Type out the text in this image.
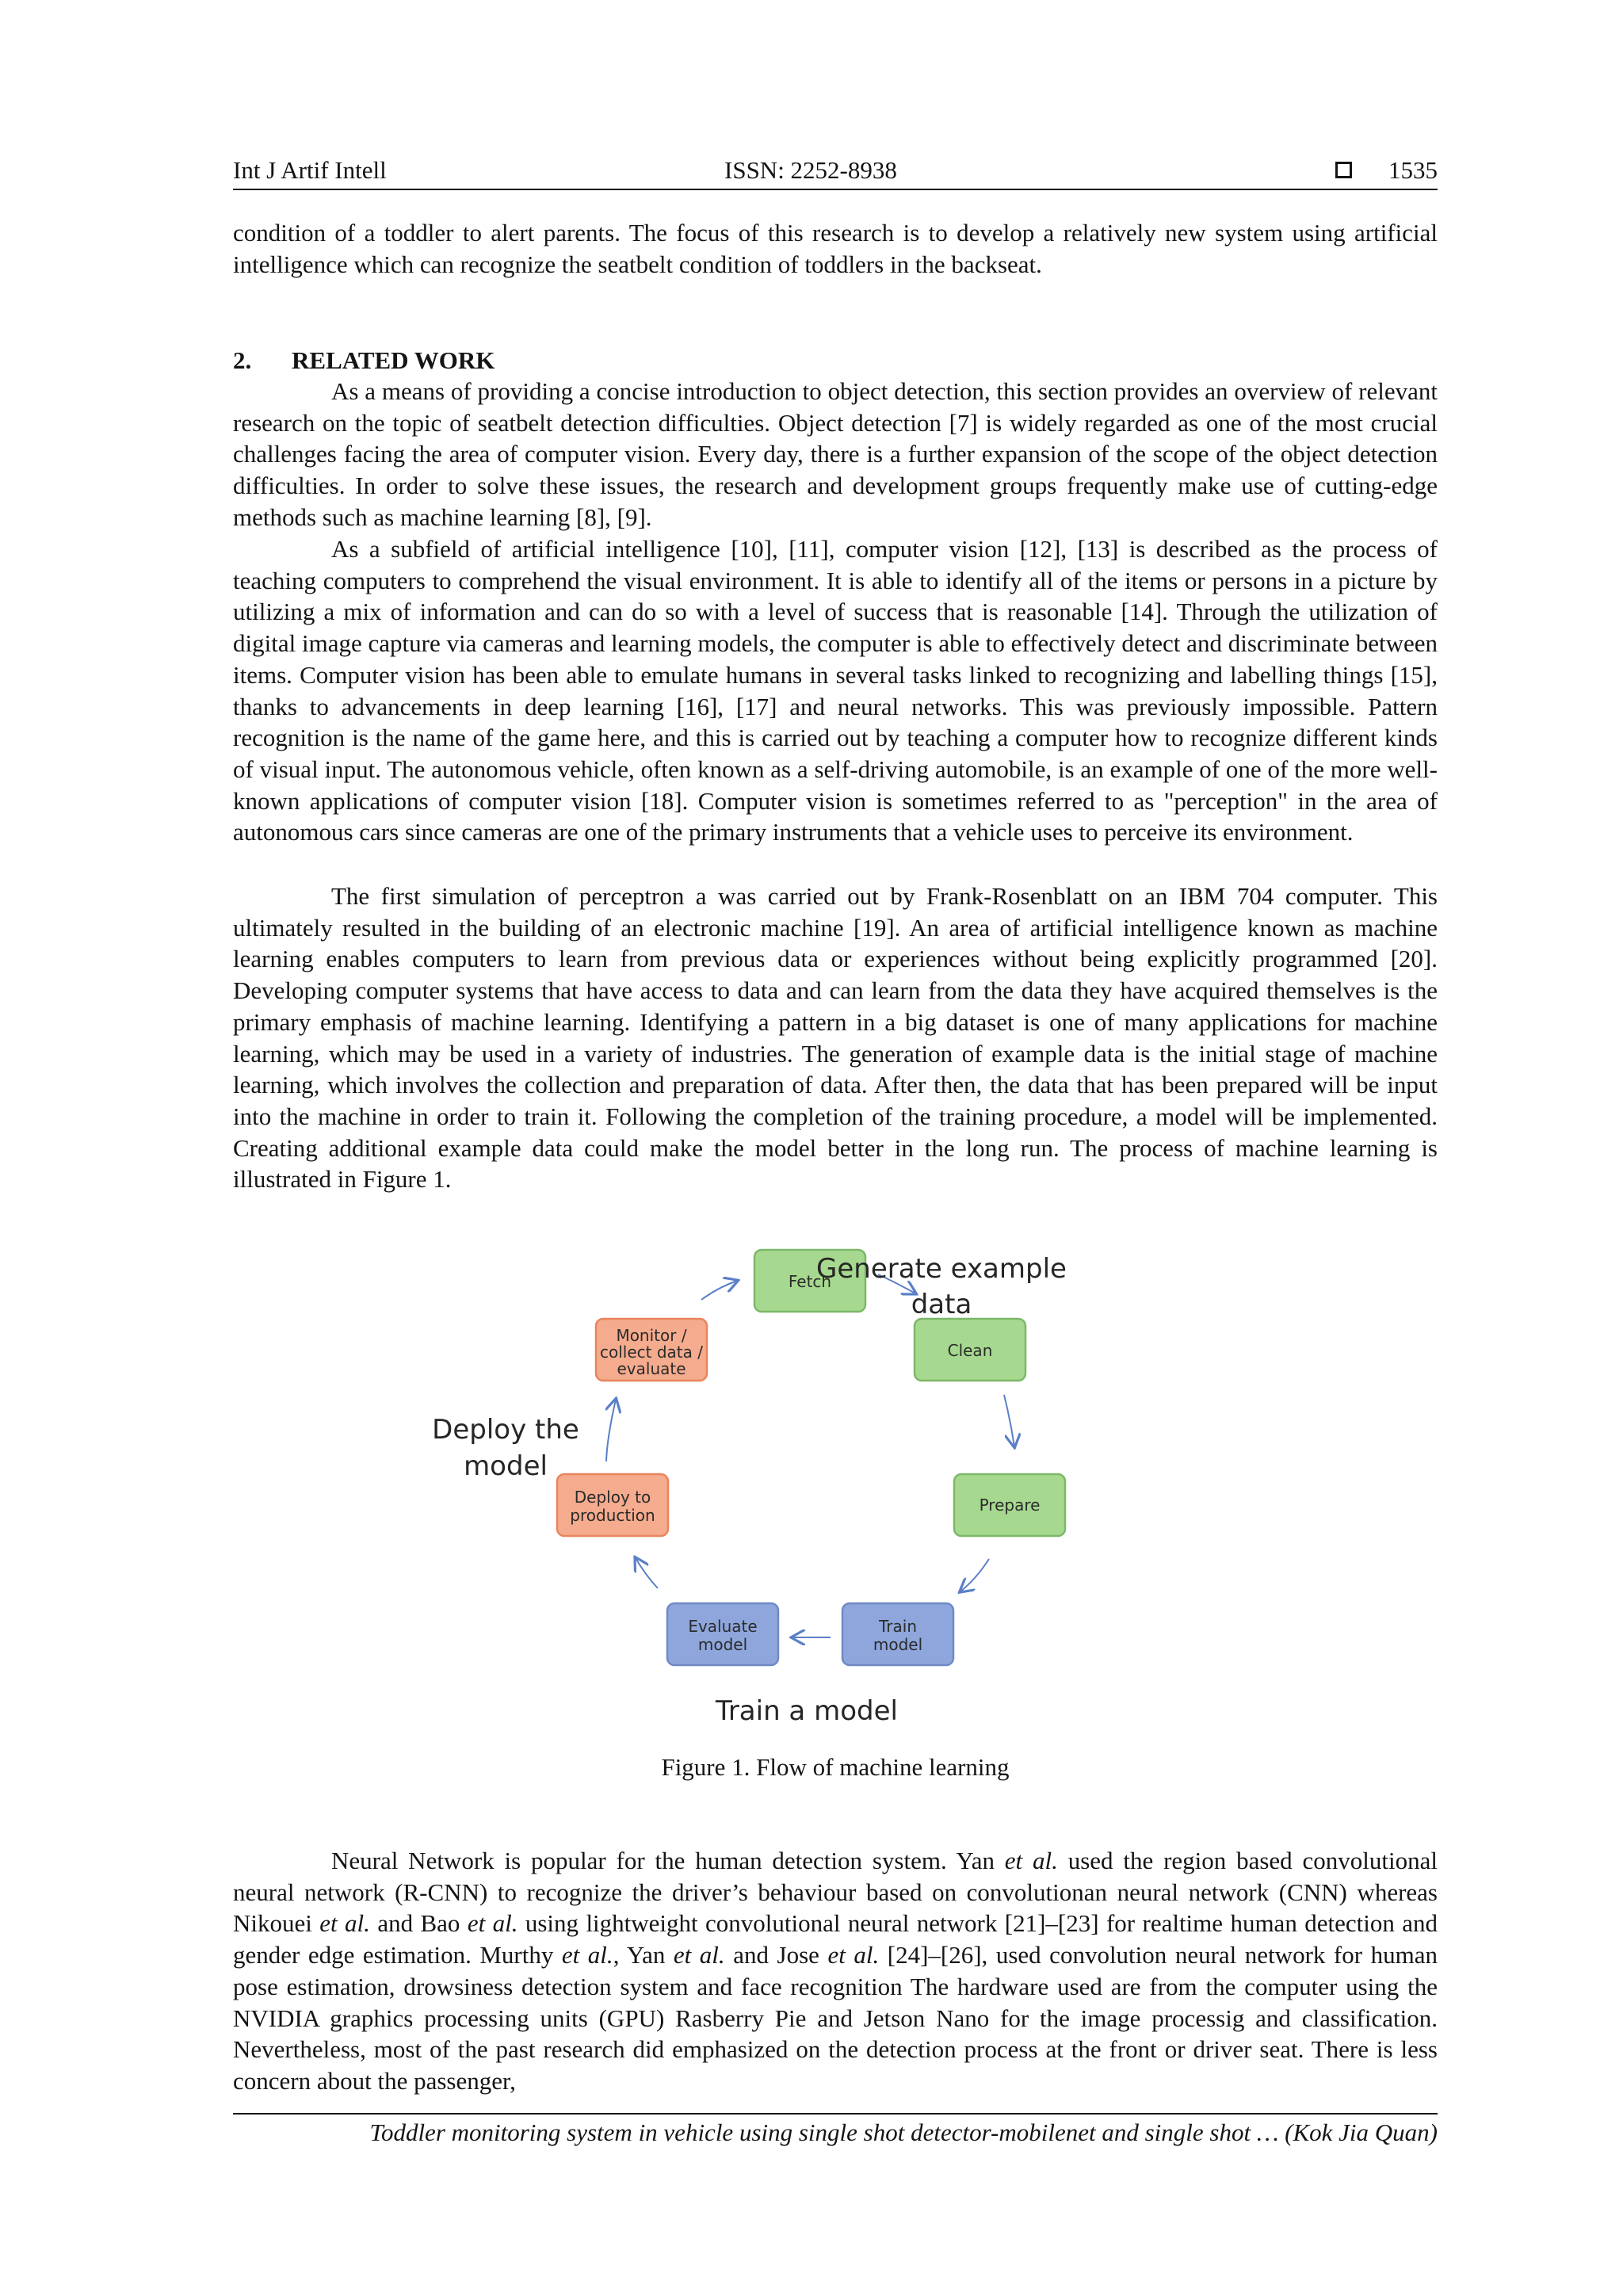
Int J Artif Intell	ISSN: 2252-8938	1535

condition of a toddler to alert parents. The focus of this research is to develop a relatively new system using artificial intelligence which can recognize the seatbelt condition of toddlers in the backseat.

2. RELATED WORK

As a means of providing a concise introduction to object detection, this section provides an overview of relevant research on the topic of seatbelt detection difficulties. Object detection [7] is widely regarded as one of the most crucial challenges facing the area of computer vision. Every day, there is a further expansion of the scope of the object detection difficulties. In order to solve these issues, the research and development groups frequently make use of cutting-edge methods such as machine learning [8], [9].

As a subfield of artificial intelligence [10], [11], computer vision [12], [13] is described as the process of teaching computers to comprehend the visual environment. It is able to identify all of the items or persons in a picture by utilizing a mix of information and can do so with a level of success that is reasonable [14]. Through the utilization of digital image capture via cameras and learning models, the computer is able to effectively detect and discriminate between items. Computer vision has been able to emulate humans in several tasks linked to recognizing and labelling things [15], thanks to advancements in deep learning [16], [17] and neural networks. This was previously impossible. Pattern recognition is the name of the game here, and this is carried out by teaching a computer how to recognize different kinds of visual input. The autonomous vehicle, often known as a self-driving automobile, is an example of one of the more well-known applications of computer vision [18]. Computer vision is sometimes referred to as "perception" in the area of autonomous cars since cameras are one of the primary instruments that a vehicle uses to perceive its environment.

The first simulation of perceptron a was carried out by Frank-Rosenblatt on an IBM 704 computer. This ultimately resulted in the building of an electronic machine [19]. An area of artificial intelligence known as machine learning enables computers to learn from previous data or experiences without being explicitly programmed [20]. Developing computer systems that have access to data and can learn from the data they have acquired themselves is the primary emphasis of machine learning. Identifying a pattern in a big dataset is one of many applications for machine learning, which may be used in a variety of industries. The generation of example data is the initial stage of machine learning, which involves the collection and preparation of data. After then, the data that has been prepared will be input into the machine in order to train it. Following the completion of the training procedure, a model will be implemented. Creating additional example data could make the model better in the long run. The process of machine learning is illustrated in Figure 1.

Fetch
Clean
Prepare
Train
model
Evaluate
model
Deploy to
production
Monitor /
collect data /
evaluate
Generate example
data
Deploy the
model
Train a model

Figure 1. Flow of machine learning

Neural Network is popular for the human detection system. Yan et al. used the region based convolutional neural network (R-CNN) to recognize the driver’s behaviour based on convolutionan neural network (CNN) whereas Nikouei et al. and Bao et al. using lightweight convolutional neural network [21]–[23] for realtime human detection and gender edge estimation. Murthy et al., Yan et al. and Jose et al. [24]–[26], used convolution neural network for human pose estimation, drowsiness detection system and face recognition The hardware used are from the computer using the NVIDIA graphics processing units (GPU) Rasberry Pie and Jetson Nano for the image processig and classification. Nevertheless, most of the past research did emphasized on the detection process at the front or driver seat. There is less concern about the passenger,

Toddler monitoring system in vehicle using single shot detector-mobilenet and single shot … (Kok Jia Quan)
